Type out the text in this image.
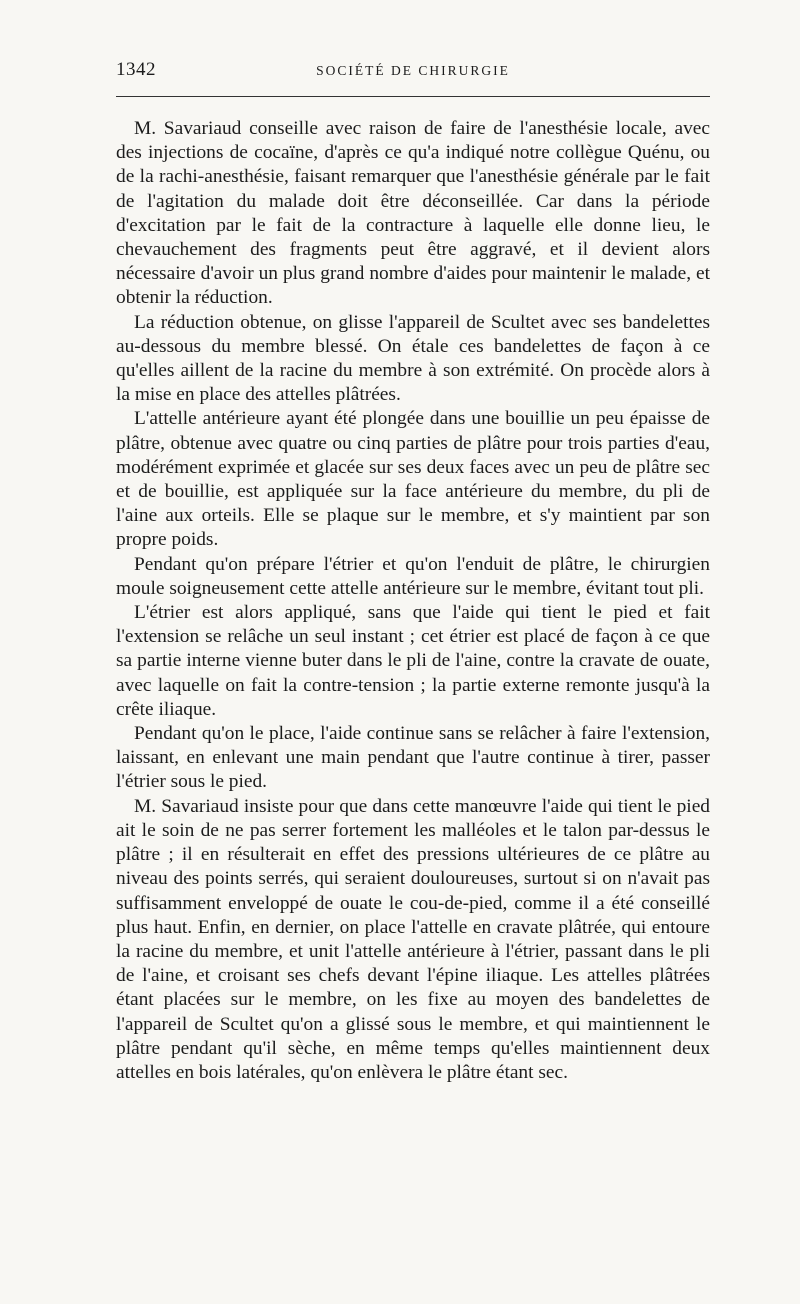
1342	SOCIÉTÉ DE CHIRURGIE

M. Savariaud conseille avec raison de faire de l'anesthésie locale, avec des injections de cocaïne, d'après ce qu'a indiqué notre collègue Quénu, ou de la rachi-anesthésie, faisant remarquer que l'anesthésie générale par le fait de l'agitation du malade doit être déconseillée. Car dans la période d'excitation par le fait de la contracture à laquelle elle donne lieu, le chevauchement des fragments peut être aggravé, et il devient alors nécessaire d'avoir un plus grand nombre d'aides pour maintenir le malade, et obtenir la réduction.

La réduction obtenue, on glisse l'appareil de Scultet avec ses bandelettes au-dessous du membre blessé. On étale ces bandelettes de façon à ce qu'elles aillent de la racine du membre à son extrémité. On procède alors à la mise en place des attelles plâtrées.

L'attelle antérieure ayant été plongée dans une bouillie un peu épaisse de plâtre, obtenue avec quatre ou cinq parties de plâtre pour trois parties d'eau, modérément exprimée et glacée sur ses deux faces avec un peu de plâtre sec et de bouillie, est appliquée sur la face antérieure du membre, du pli de l'aine aux orteils. Elle se plaque sur le membre, et s'y maintient par son propre poids.

Pendant qu'on prépare l'étrier et qu'on l'enduit de plâtre, le chirurgien moule soigneusement cette attelle antérieure sur le membre, évitant tout pli.

L'étrier est alors appliqué, sans que l'aide qui tient le pied et fait l'extension se relâche un seul instant ; cet étrier est placé de façon à ce que sa partie interne vienne buter dans le pli de l'aine, contre la cravate de ouate, avec laquelle on fait la contre-tension ; la partie externe remonte jusqu'à la crête iliaque.

Pendant qu'on le place, l'aide continue sans se relâcher à faire l'extension, laissant, en enlevant une main pendant que l'autre continue à tirer, passer l'étrier sous le pied.

M. Savariaud insiste pour que dans cette manœuvre l'aide qui tient le pied ait le soin de ne pas serrer fortement les malléoles et le talon par-dessus le plâtre ; il en résulterait en effet des pressions ultérieures de ce plâtre au niveau des points serrés, qui seraient douloureuses, surtout si on n'avait pas suffisamment enveloppé de ouate le cou-de-pied, comme il a été conseillé plus haut. Enfin, en dernier, on place l'attelle en cravate plâtrée, qui entoure la racine du membre, et unit l'attelle antérieure à l'étrier, passant dans le pli de l'aine, et croisant ses chefs devant l'épine iliaque. Les attelles plâtrées étant placées sur le membre, on les fixe au moyen des bandelettes de l'appareil de Scultet qu'on a glissé sous le membre, et qui maintiennent le plâtre pendant qu'il sèche, en même temps qu'elles maintiennent deux attelles en bois latérales, qu'on enlèvera le plâtre étant sec.
